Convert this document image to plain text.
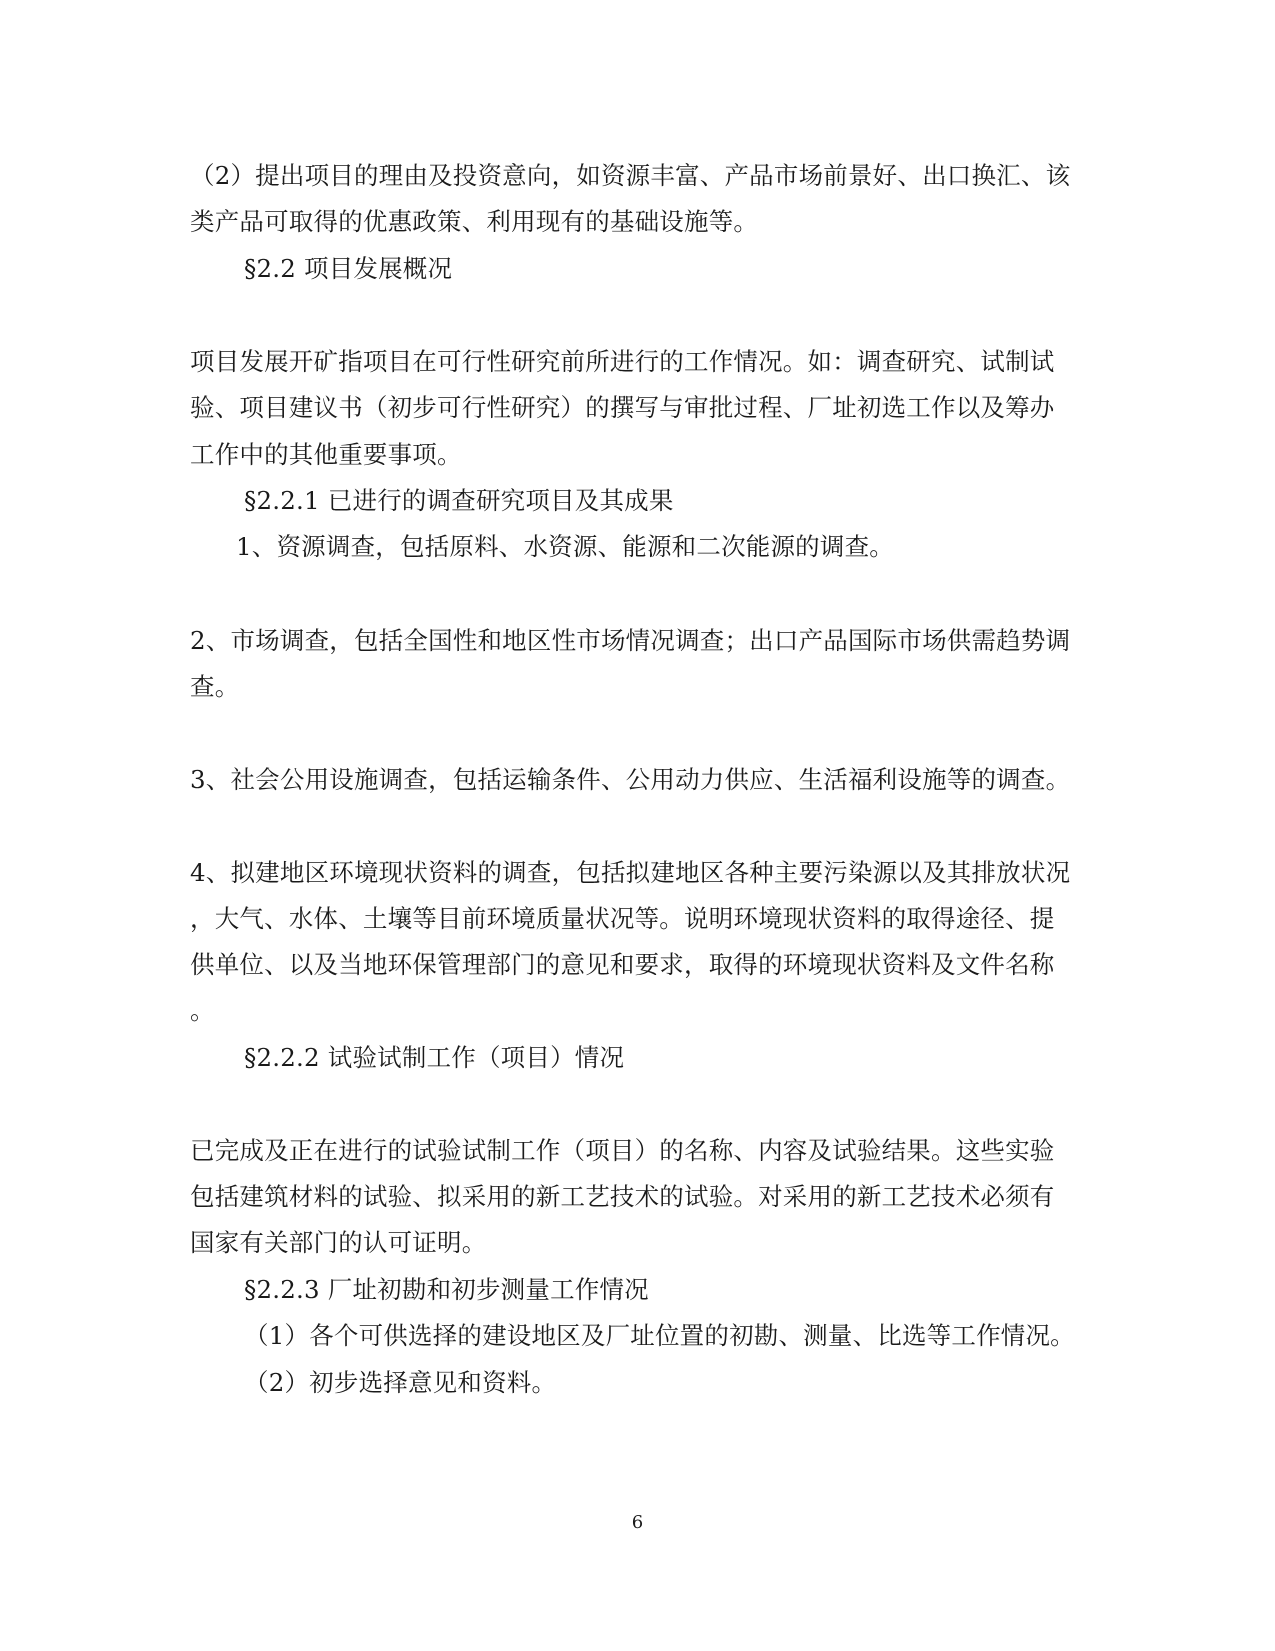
（2）提出项目的理由及投资意向，如资源丰富、产品市场前景好、出口换汇、该
类产品可取得的优惠政策、利用现有的基础设施等。
§2.2 项目发展概况
项目发展开矿指项目在可行性研究前所进行的工作情况。如：调查研究、试制试
验、项目建议书（初步可行性研究）的撰写与审批过程、厂址初选工作以及筹办
工作中的其他重要事项。
§2.2.1 已进行的调查研究项目及其成果
1、资源调查，包括原料、水资源、能源和二次能源的调查。
2、市场调查，包括全国性和地区性市场情况调查；出口产品国际市场供需趋势调
查。
3、社会公用设施调查，包括运输条件、公用动力供应、生活福利设施等的调查。
4、拟建地区环境现状资料的调查，包括拟建地区各种主要污染源以及其排放状况
，大气、水体、土壤等目前环境质量状况等。说明环境现状资料的取得途径、提
供单位、以及当地环保管理部门的意见和要求，取得的环境现状资料及文件名称
。
§2.2.2 试验试制工作（项目）情况
已完成及正在进行的试验试制工作（项目）的名称、内容及试验结果。这些实验
包括建筑材料的试验、拟采用的新工艺技术的试验。对采用的新工艺技术必须有
国家有关部门的认可证明。
§2.2.3 厂址初勘和初步测量工作情况
（1）各个可供选择的建设地区及厂址位置的初勘、测量、比选等工作情况。
（2）初步选择意见和资料。
6
